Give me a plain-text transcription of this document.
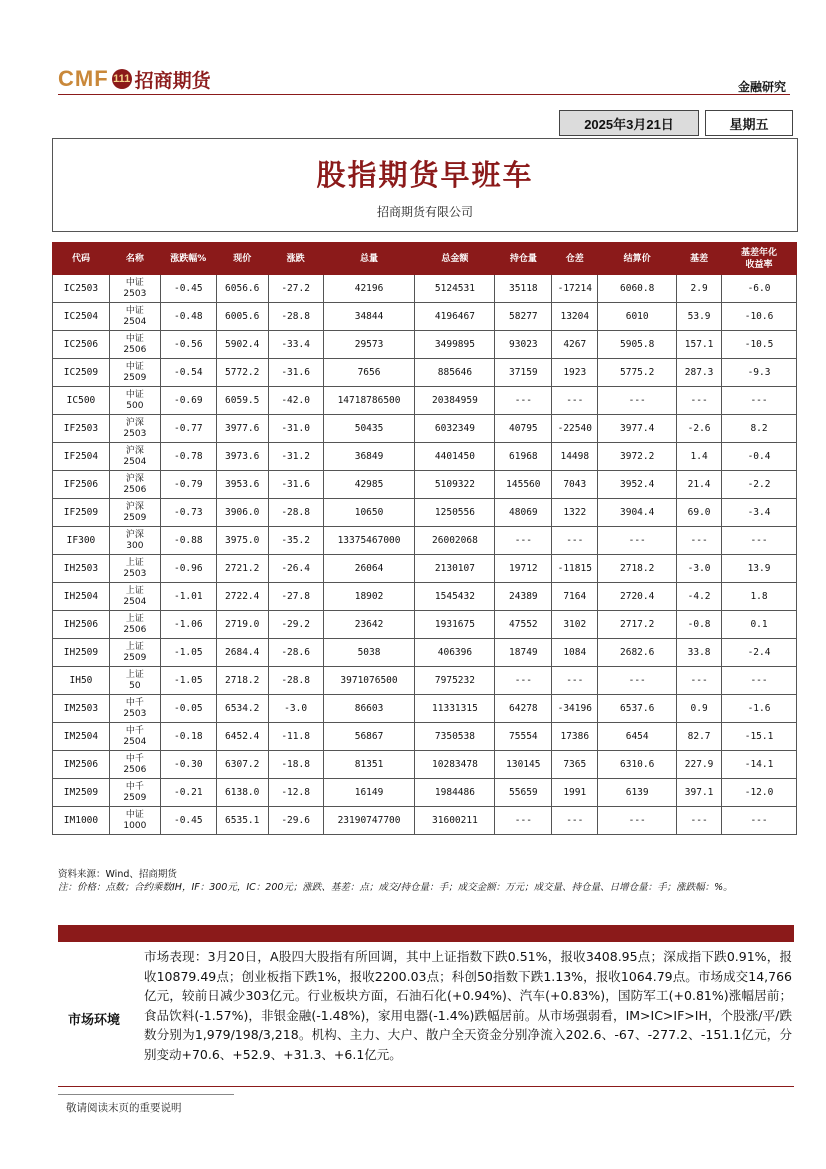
CMF 111 招商期货	金融研究
2025年3月21日	星期五
股指期货早班车
招商期货有限公司
代码	名称	涨跌幅%	现价	涨跌	总量	总金额	持仓量	仓差	结算价	基差	基差年化
收益率
IC2503	中证
2503	-0.45	6056.6	-27.2	42196	5124531	35118	-17214	6060.8	2.9	-6.0
IC2504	中证
2504	-0.48	6005.6	-28.8	34844	4196467	58277	13204	6010	53.9	-10.6
IC2506	中证
2506	-0.56	5902.4	-33.4	29573	3499895	93023	4267	5905.8	157.1	-10.5
IC2509	中证
2509	-0.54	5772.2	-31.6	7656	885646	37159	1923	5775.2	287.3	-9.3
IC500	中证
500	-0.69	6059.5	-42.0	14718786500	20384959	---	---	---	---	---
IF2503	沪深
2503	-0.77	3977.6	-31.0	50435	6032349	40795	-22540	3977.4	-2.6	8.2
IF2504	沪深
2504	-0.78	3973.6	-31.2	36849	4401450	61968	14498	3972.2	1.4	-0.4
IF2506	沪深
2506	-0.79	3953.6	-31.6	42985	5109322	145560	7043	3952.4	21.4	-2.2
IF2509	沪深
2509	-0.73	3906.0	-28.8	10650	1250556	48069	1322	3904.4	69.0	-3.4
IF300	沪深
300	-0.88	3975.0	-35.2	13375467000	26002068	---	---	---	---	---
IH2503	上证
2503	-0.96	2721.2	-26.4	26064	2130107	19712	-11815	2718.2	-3.0	13.9
IH2504	上证
2504	-1.01	2722.4	-27.8	18902	1545432	24389	7164	2720.4	-4.2	1.8
IH2506	上证
2506	-1.06	2719.0	-29.2	23642	1931675	47552	3102	2717.2	-0.8	0.1
IH2509	上证
2509	-1.05	2684.4	-28.6	5038	406396	18749	1084	2682.6	33.8	-2.4
IH50	上证
50	-1.05	2718.2	-28.8	3971076500	7975232	---	---	---	---	---
IM2503	中千
2503	-0.05	6534.2	-3.0	86603	11331315	64278	-34196	6537.6	0.9	-1.6
IM2504	中千
2504	-0.18	6452.4	-11.8	56867	7350538	75554	17386	6454	82.7	-15.1
IM2506	中千
2506	-0.30	6307.2	-18.8	81351	10283478	130145	7365	6310.6	227.9	-14.1
IM2509	中千
2509	-0.21	6138.0	-12.8	16149	1984486	55659	1991	6139	397.1	-12.0
IM1000	中证
1000	-0.45	6535.1	-29.6	23190747700	31600211	---	---	---	---	---
资料来源：Wind、招商期货
注：价格：点数；合约乘数IH，IF：300元，IC：200元；涨跌、基差：点；成交/持仓量：手；成交金额：万元；成交量、持仓量、日增仓量：手；涨跌幅：%。
市场环境
市场表现：3月20日，A股四大股指有所回调，其中上证指数下跌0.51%，报收3408.95点；深成指下跌0.91%，报收10879.49点；创业板指下跌1%，报收2200.03点；科创50指数下跌1.13%，报收1064.79点。市场成交14,766亿元，较前日减少303亿元。行业板块方面，石油石化(+0.94%)、汽车(+0.83%)，国防军工(+0.81%)涨幅居前；食品饮料(-1.57%)，非银金融(-1.48%)，家用电器(-1.4%)跌幅居前。从市场强弱看，IM>IC>IF>IH，个股涨/平/跌数分别为1,979/198/3,218。机构、主力、大户、散户全天资金分别净流入202.6、-67、-277.2、-151.1亿元，分别变动+70.6、+52.9、+31.3、+6.1亿元。
敬请阅读末页的重要说明
